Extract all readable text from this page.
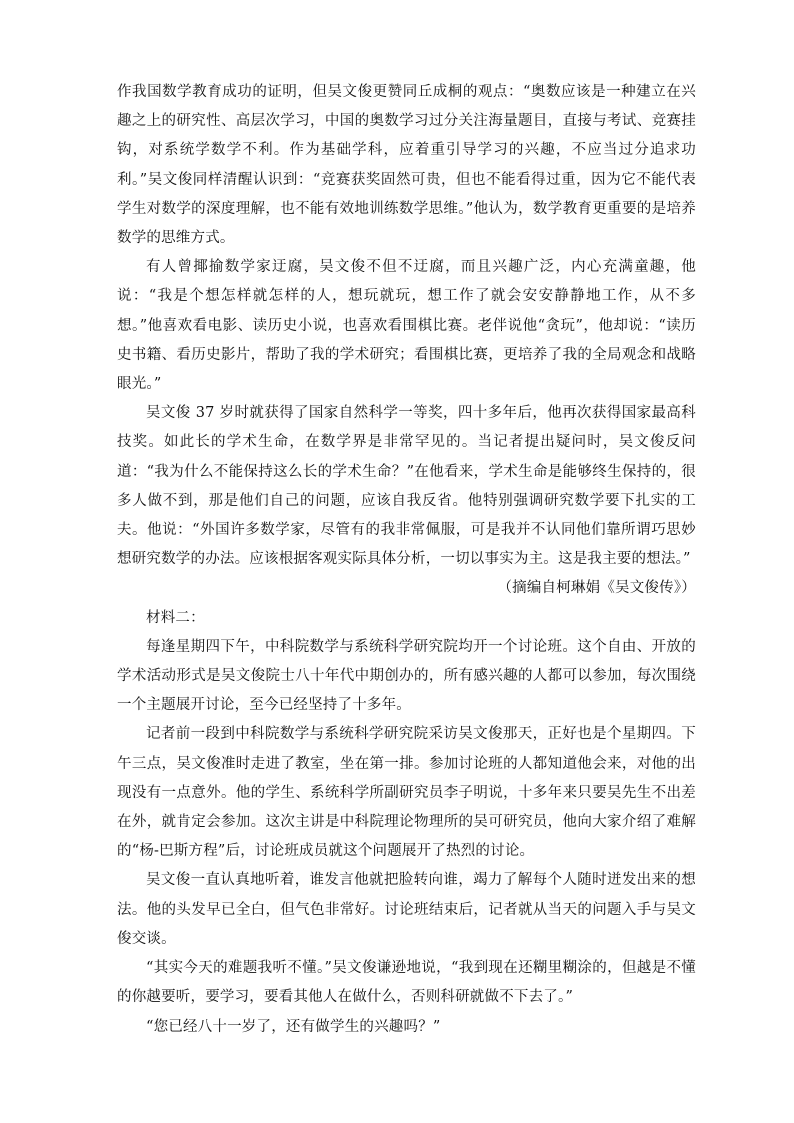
作我国数学教育成功的证明，但吴文俊更赞同丘成桐的观点：“奥数应该是一种建立在兴趣之上的研究性、高层次学习，中国的奥数学习过分关注海量题目，直接与考试、竞赛挂钩，对系统学数学不利。作为基础学科，应着重引导学习的兴趣，不应当过分追求功利。”吴文俊同样清醒认识到：“竞赛获奖固然可贵，但也不能看得过重，因为它不能代表学生对数学的深度理解，也不能有效地训练数学思维。”他认为，数学教育更重要的是培养数学的思维方式。

有人曾揶揄数学家迂腐，吴文俊不但不迂腐，而且兴趣广泛，内心充满童趣，他说：“我是个想怎样就怎样的人，想玩就玩，想工作了就会安安静静地工作，从不多想。”他喜欢看电影、读历史小说，也喜欢看围棋比赛。老伴说他“贪玩”，他却说：“读历史书籍、看历史影片，帮助了我的学术研究；看围棋比赛，更培养了我的全局观念和战略眼光。”

吴文俊 37 岁时就获得了国家自然科学一等奖，四十多年后，他再次获得国家最高科技奖。如此长的学术生命，在数学界是非常罕见的。当记者提出疑问时，吴文俊反问道：“我为什么不能保持这么长的学术生命？”在他看来，学术生命是能够终生保持的，很多人做不到，那是他们自己的问题，应该自我反省。他特别强调研究数学要下扎实的工夫。他说：“外国许多数学家，尽管有的我非常佩服，可是我并不认同他们靠所谓巧思妙想研究数学的办法。应该根据客观实际具体分析，一切以事实为主。这是我主要的想法。”

（摘编自柯琳娟《吴文俊传》）

材料二：

每逢星期四下午，中科院数学与系统科学研究院均开一个讨论班。这个自由、开放的学术活动形式是吴文俊院士八十年代中期创办的，所有感兴趣的人都可以参加，每次围绕一个主题展开讨论，至今已经坚持了十多年。

记者前一段到中科院数学与系统科学研究院采访吴文俊那天，正好也是个星期四。下午三点，吴文俊准时走进了教室，坐在第一排。参加讨论班的人都知道他会来，对他的出现没有一点意外。他的学生、系统科学所副研究员李子明说，十多年来只要吴先生不出差在外，就肯定会参加。这次主讲是中科院理论物理所的吴可研究员，他向大家介绍了难解的“杨-巴斯方程”后，讨论班成员就这个问题展开了热烈的讨论。

吴文俊一直认真地听着，谁发言他就把脸转向谁，竭力了解每个人随时迸发出来的想法。他的头发早已全白，但气色非常好。讨论班结束后，记者就从当天的问题入手与吴文俊交谈。

“其实今天的难题我听不懂。”吴文俊谦逊地说，“我到现在还糊里糊涂的，但越是不懂的你越要听，要学习，要看其他人在做什么，否则科研就做不下去了。”

“您已经八十一岁了，还有做学生的兴趣吗？”
